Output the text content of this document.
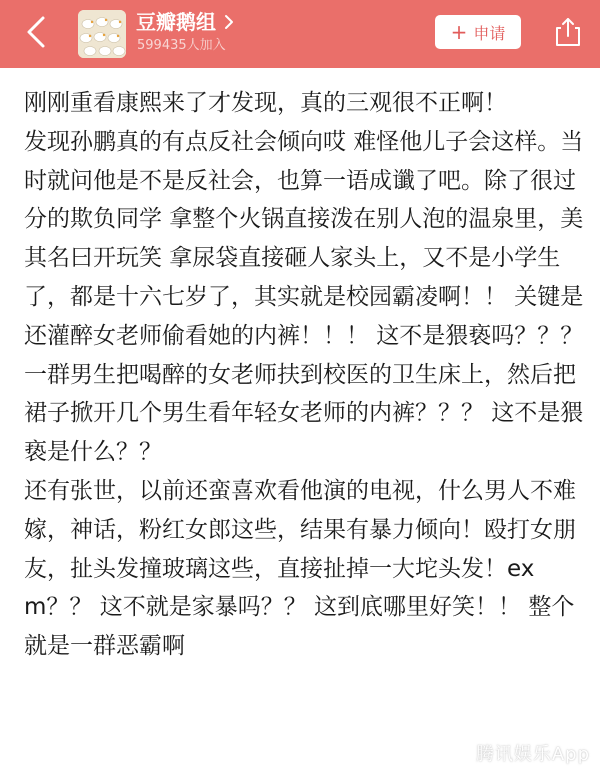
豆瓣鹅组
599435人加入
+ 申请

刚刚重看康熙来了才发现，真的三观很不正啊！

发现孙鹏真的有点反社会倾向哎 难怪他儿子会这样。当时就问他是不是反社会，也算一语成谶了吧。除了很过分的欺负同学 拿整个火锅直接泼在别人泡的温泉里，美其名曰开玩笑 拿尿袋直接砸人家头上，又不是小学生了，都是十六七岁了，其实就是校园霸凌啊！！ 关键是 还灌醉女老师偷看她的内裤！！！ 这不是猥亵吗？？？ 一群男生把喝醉的女老师扶到校医的卫生床上，然后把裙子掀开几个男生看年轻女老师的内裤？？？ 这不是猥亵是什么？？

还有张世，以前还蛮喜欢看他演的电视，什么男人不难嫁，神话，粉红女郎这些，结果有暴力倾向！殴打女朋友，扯头发撞玻璃这些，直接扯掉一大坨头发！exm？？ 这不就是家暴吗？？ 这到底哪里好笑！！ 整个就是一群恶霸啊

腾讯娱乐App
